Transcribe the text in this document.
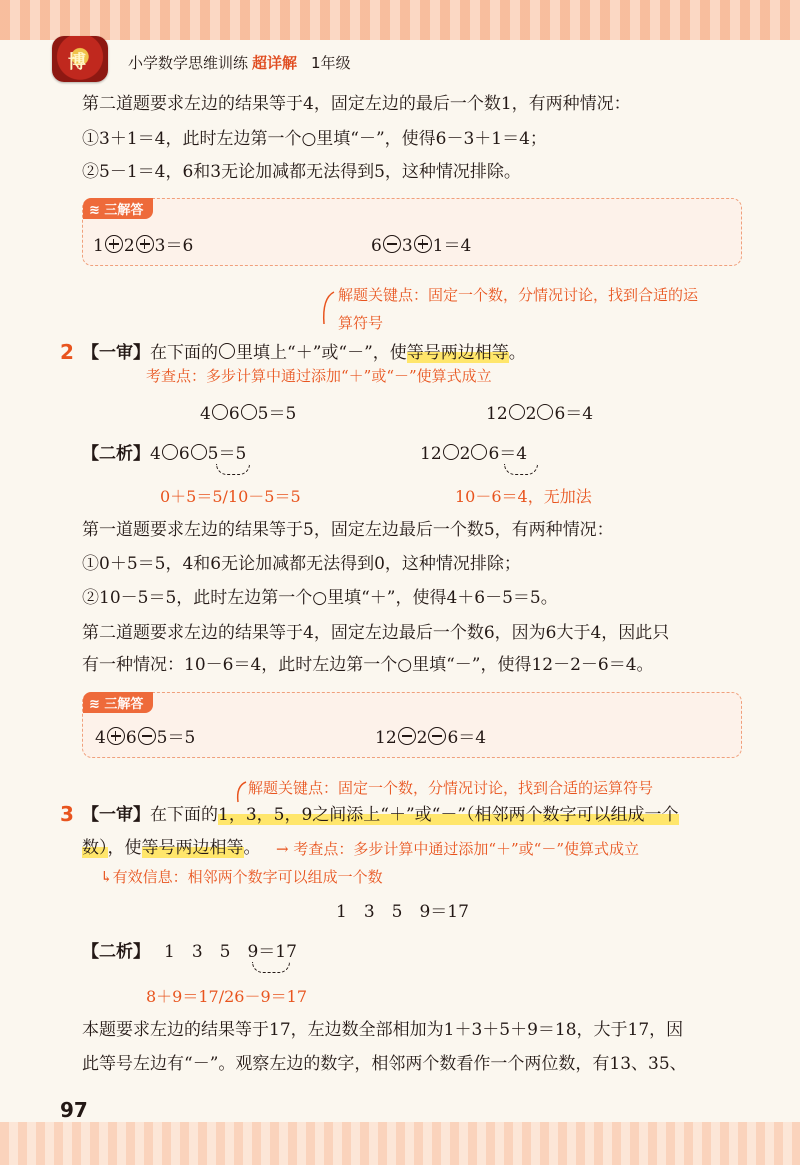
博	小学数学思维训练 超详解 1年级
第二道题要求左边的结果等于4，固定左边的最后一个数1，有两种情况：
①3＋1＝4，此时左边第一个○里填“－”，使得6－3＋1＝4；
②5－1＝4，6和3无论加减都无法得到5，这种情况排除。
≋ 三解答
1 2 3＝6	6 3 1＝4
解题关键点：固定一个数，分情况讨论，找到合适的运
算符号
2 【一审】在下面的 里填上“＋”或“－”，使等号两边相等。
考查点：多步计算中通过添加“＋”或“－”使算式成立
4 6 5＝5	12 2 6＝4
【二析】4 6 5＝5	12 2 6＝4
0＋5＝5/10－5＝5	10－6＝4，无加法
第一道题要求左边的结果等于5，固定左边最后一个数5，有两种情况：
①0＋5＝5，4和6无论加减都无法得到0，这种情况排除；
②10－5＝5，此时左边第一个○里填“＋”，使得4＋6－5＝5。
第二道题要求左边的结果等于4，固定左边最后一个数6，因为6大于4，因此只
有一种情况：10－6＝4，此时左边第一个○里填“－”，使得12－2－6＝4。
≋ 三解答
4 6 5＝5	12 2 6＝4
解题关键点：固定一个数，分情况讨论，找到合适的运算符号
3 【一审】在下面的1，3，5，9之间添上“＋”或“－”（相邻两个数字可以组成一个
数），使等号两边相等。 → 考查点：多步计算中通过添加“＋”或“－”使算式成立
↳有效信息：相邻两个数字可以组成一个数
1　3　5　9＝17
【二析】 1　3　5　9＝17
8＋9＝17/26－9＝17
本题要求左边的结果等于17，左边数全部相加为1＋3＋5＋9＝18，大于17，因
此等号左边有“－”。观察左边的数字，相邻两个数看作一个两位数，有13、35、
97
